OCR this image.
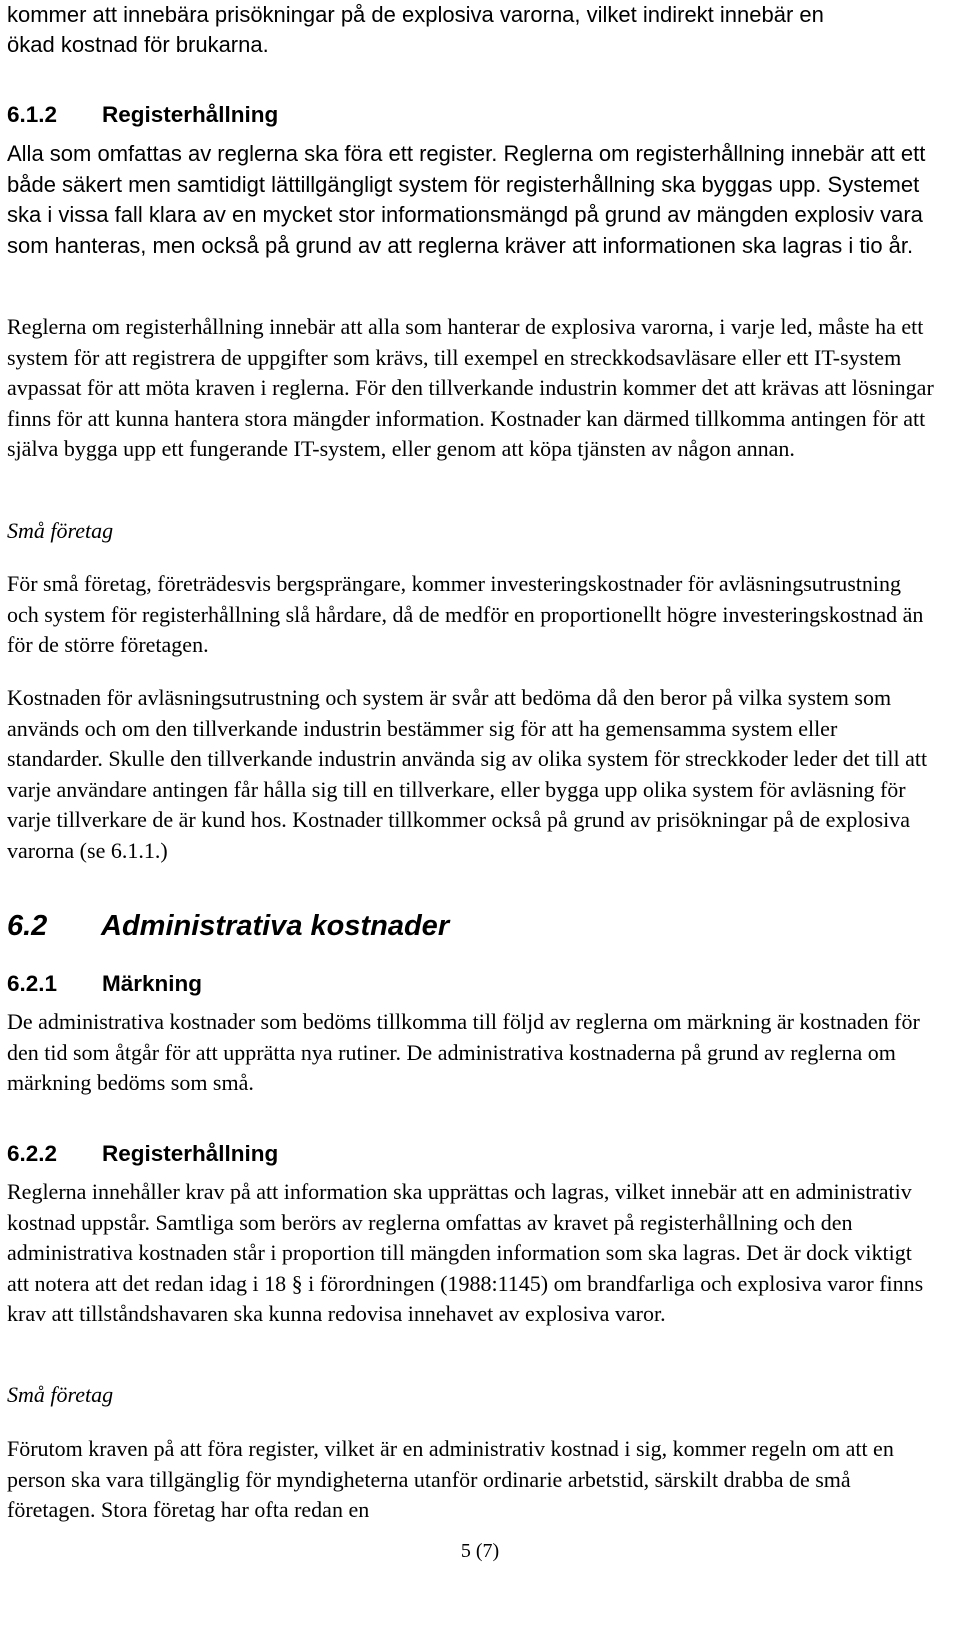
kommer att innebära prisökningar på de explosiva varorna, vilket indirekt innebär en
ökad kostnad för brukarna.

6.1.2 Registerhållning

Alla som omfattas av reglerna ska föra ett register. Reglerna om registerhållning innebär att ett både säkert men samtidigt lättillgängligt system för registerhållning ska byggas upp. Systemet ska i vissa fall klara av en mycket stor informationsmängd på grund av mängden explosiv vara som hanteras, men också på grund av att reglerna kräver att informationen ska lagras i tio år.

Reglerna om registerhållning innebär att alla som hanterar de explosiva varorna, i varje led, måste ha ett system för att registrera de uppgifter som krävs, till exempel en streckkodsavläsare eller ett IT-system avpassat för att möta kraven i reglerna. För den tillverkande industrin kommer det att krävas att lösningar finns för att kunna hantera stora mängder information. Kostnader kan därmed tillkomma antingen för att själva bygga upp ett fungerande IT-system, eller genom att köpa tjänsten av någon annan.

Små företag

För små företag, företrädesvis bergsprängare, kommer investeringskostnader för avläsningsutrustning och system för registerhållning slå hårdare, då de medför en proportionellt högre investeringskostnad än för de större företagen.

Kostnaden för avläsningsutrustning och system är svår att bedöma då den beror på vilka system som används och om den tillverkande industrin bestämmer sig för att ha gemensamma system eller standarder. Skulle den tillverkande industrin använda sig av olika system för streckkoder leder det till att varje användare antingen får hålla sig till en tillverkare, eller bygga upp olika system för avläsning för varje tillverkare de är kund hos. Kostnader tillkommer också på grund av prisökningar på de explosiva varorna (se 6.1.1.)

6.2 Administrativa kostnader
6.2.1 Märkning

De administrativa kostnader som bedöms tillkomma till följd av reglerna om märkning är kostnaden för den tid som åtgår för att upprätta nya rutiner. De administrativa kostnaderna på grund av reglerna om märkning bedöms som små.

6.2.2 Registerhållning

Reglerna innehåller krav på att information ska upprättas och lagras, vilket innebär att en administrativ kostnad uppstår. Samtliga som berörs av reglerna omfattas av kravet på registerhållning och den administrativa kostnaden står i proportion till mängden information som ska lagras. Det är dock viktigt att notera att det redan idag i 18 § i förordningen (1988:1145) om brandfarliga och explosiva varor finns krav att tillståndshavaren ska kunna redovisa innehavet av explosiva varor.

Små företag

Förutom kraven på att föra register, vilket är en administrativ kostnad i sig, kommer regeln om att en person ska vara tillgänglig för myndigheterna utanför ordinarie arbetstid, särskilt drabba de små företagen. Stora företag har ofta redan en

5 (7)
